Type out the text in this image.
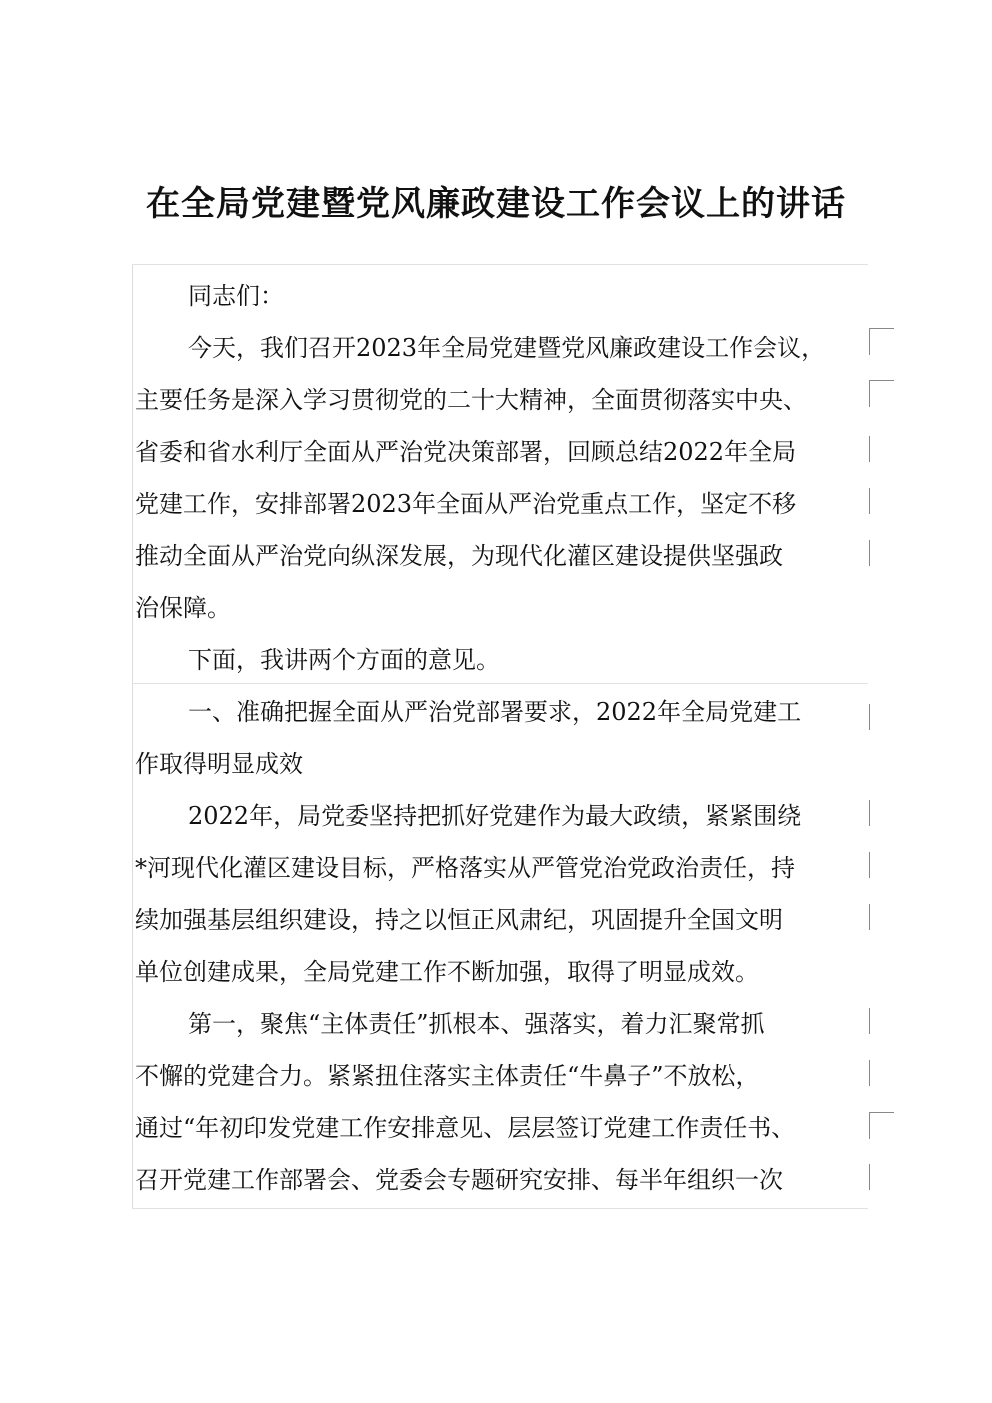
在全局党建暨党风廉政建设工作会议上的讲话
同志们：
今天，我们召开2023年全局党建暨党风廉政建设工作会议，
主要任务是深入学习贯彻党的二十大精神，全面贯彻落实中央、
省委和省水利厅全面从严治党决策部署，回顾总结2022年全局
党建工作，安排部署2023年全面从严治党重点工作，坚定不移
推动全面从严治党向纵深发展，为现代化灌区建设提供坚强政
治保障。
下面，我讲两个方面的意见。
一、准确把握全面从严治党部署要求，2022年全局党建工
作取得明显成效
2022年，局党委坚持把抓好党建作为最大政绩，紧紧围绕
*河现代化灌区建设目标，严格落实从严管党治党政治责任，持
续加强基层组织建设，持之以恒正风肃纪，巩固提升全国文明
单位创建成果，全局党建工作不断加强，取得了明显成效。
第一，聚焦“主体责任”抓根本、强落实，着力汇聚常抓
不懈的党建合力。紧紧扭住落实主体责任“牛鼻子”不放松，
通过“年初印发党建工作安排意见、层层签订党建工作责任书、
召开党建工作部署会、党委会专题研究安排、每半年组织一次
